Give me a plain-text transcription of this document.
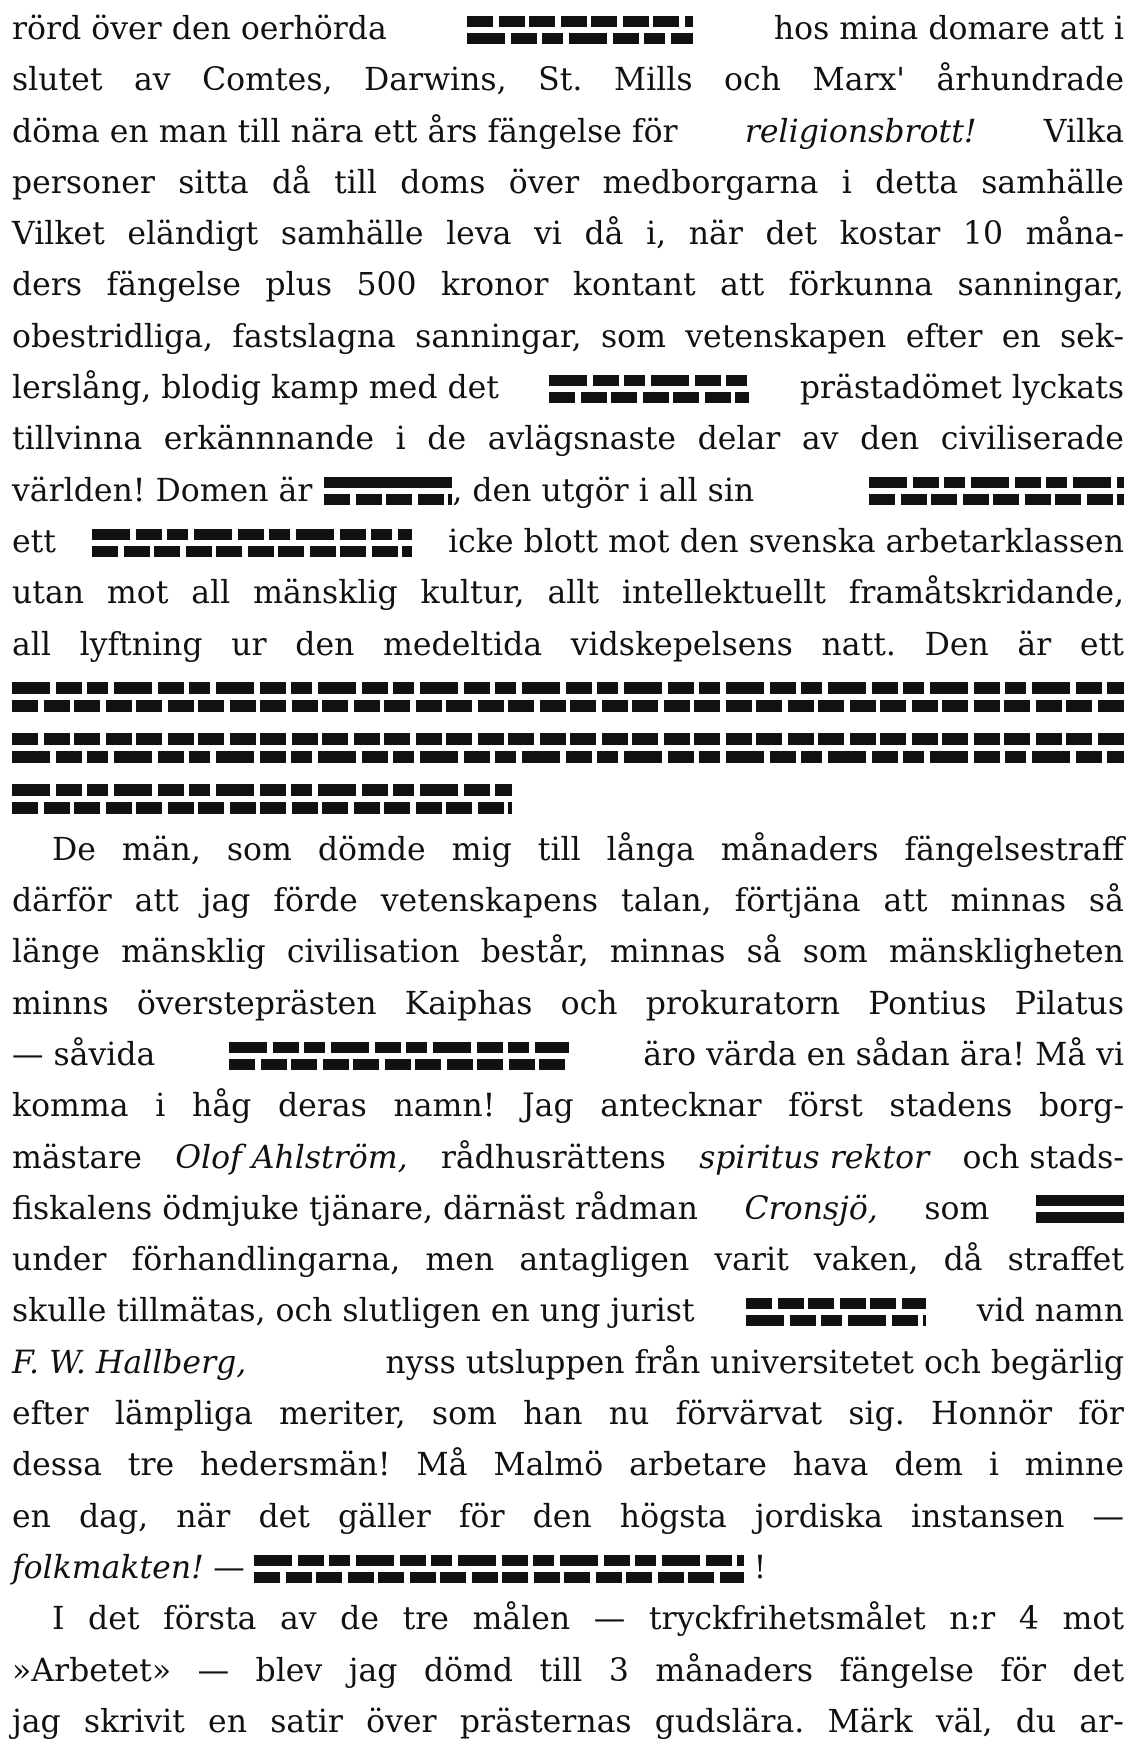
rörd över den oerhörda	hos mina domare att i
slutet av Comtes, Darwins, St. Mills och Marx' århundrade
döma en man till nära ett års fängelse för religionsbrott! Vilka
personer sitta då till doms över medborgarna i detta samhälle
Vilket eländigt samhälle leva vi då i, när det kostar 10 måna-
ders fängelse plus 500 kronor kontant att förkunna sanningar,
obestridliga, fastslagna sanningar, som vetenskapen efter en sek-
lerslång, blodig kamp med det	prästadömet lyckats
tillvinna erkännnande i de avlägsnaste delar av den civiliserade
världen! Domen är	, den utgör i all sin
ett	icke blott mot den svenska arbetarklassen
utan mot all mänsklig kultur, allt intellektuellt framåtskridande,
all lyftning ur den medeltida vidskepelsens natt. Den är ett
De män, som dömde mig till långa månaders fängelsestraff
därför att jag förde vetenskapens talan, förtjäna att minnas så
länge mänsklig civilisation består, minnas så som mänskligheten
minns översteprästen Kaiphas och prokuratorn Pontius Pilatus
— såvida	äro värda en sådan ära! Må vi
komma i håg deras namn! Jag antecknar först stadens borg-
mästare Olof Ahlström, rådhusrättens spiritus rektor och stads-
fiskalens ödmjuke tjänare, därnäst rådman Cronsjö, som
under förhandlingarna, men antagligen varit vaken, då straffet
skulle tillmätas, och slutligen en ung jurist	vid namn
F. W. Hallberg,	nyss utsluppen från universitetet och begärlig
efter lämpliga meriter, som han nu förvärvat sig. Honnör för
dessa tre hedersmän! Må Malmö arbetare hava dem i minne
en dag, när det gäller för den högsta jordiska instansen —
folkmakten! —	!
I det första av de tre målen — tryckfrihetsmålet n:r 4 mot
»Arbetet» — blev jag dömd till 3 månaders fängelse för det
jag skrivit en satir över prästernas gudslära. Märk väl, du ar-
